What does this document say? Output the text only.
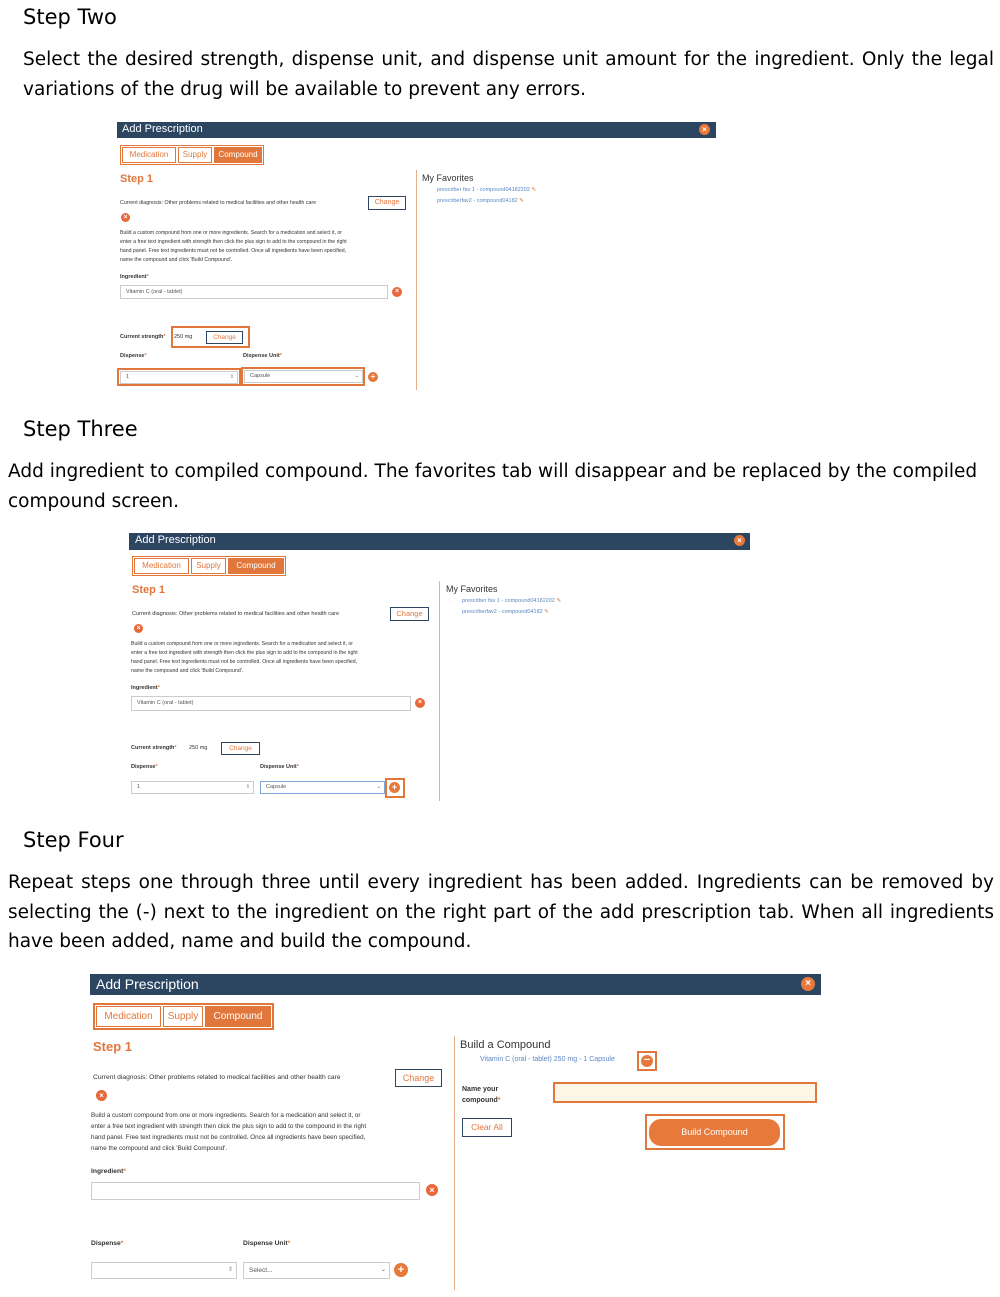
Step Two
Select the desired strength, dispense unit, and dispense unit amount for the ingredient. Only the legal variations of the drug will be available to prevent any errors.
Add Prescription	×
Medication	Supply	Compound
Step 1
Current diagnosis: Other problems related to medical facilities and other health care	Change
×
Build a custom compound from one or more ingredients. Search for a medication and select it, or
enter a free text ingredient with strength then click the plus sign to add to the compound in the right
hand panel. Free text ingredients must not be controlled. Once all ingredients have been specified,
name the compound and click 'Build Compound'.
Ingredient*
Vitamin C (oral - tablet)	×
Current strength* 250 mg	Change
Dispense*	Dispense Unit*
1	⇕	Capsule	⌄	+
My Favorites
prescriber fav 1 - compound04182202 ✎
prescriberfav2 - compound04182 ✎
Step Three
Add ingredient to compiled compound. The favorites tab will disappear and be replaced by the compiled compound screen.
Add Prescription	×
Medication	Supply	Compound
Step 1
Current diagnosis: Other problems related to medical facilities and other health care	Change
×
Build a custom compound from one or more ingredients. Search for a medication and select it, or
enter a free text ingredient with strength then click the plus sign to add to the compound in the right
hand panel. Free text ingredients must not be controlled. Once all ingredients have been specified,
name the compound and click 'Build Compound'.
Ingredient*
Vitamin C (oral - tablet)	×
Current strength* 250 mg	Change
Dispense*	Dispense Unit*
1	⇕	Capsule	⌄	+
My Favorites
prescriber fav 1 - compound04182202 ✎
prescriberfav2 - compound04182 ✎
Step Four
Repeat steps one through three until every ingredient has been added. Ingredients can be removed by selecting the (-) next to the ingredient on the right part of the add prescription tab. When all ingredients have been added, name and build the compound.
Add Prescription	×
Medication	Supply	Compound
Step 1
Current diagnosis: Other problems related to medical facilities and other health care	Change
×
Build a custom compound from one or more ingredients. Search for a medication and select it, or
enter a free text ingredient with strength then click the plus sign to add to the compound in the right
hand panel. Free text ingredients must not be controlled. Once all ingredients have been specified,
name the compound and click 'Build Compound'.
Ingredient*
×
Dispense*	Dispense Unit*
⇕	Select...	⌄	+
Build a Compound
Vitamin C (oral - tablet) 250 mg - 1 Capsule	−
Name your
compound*
Clear All	Build Compound
